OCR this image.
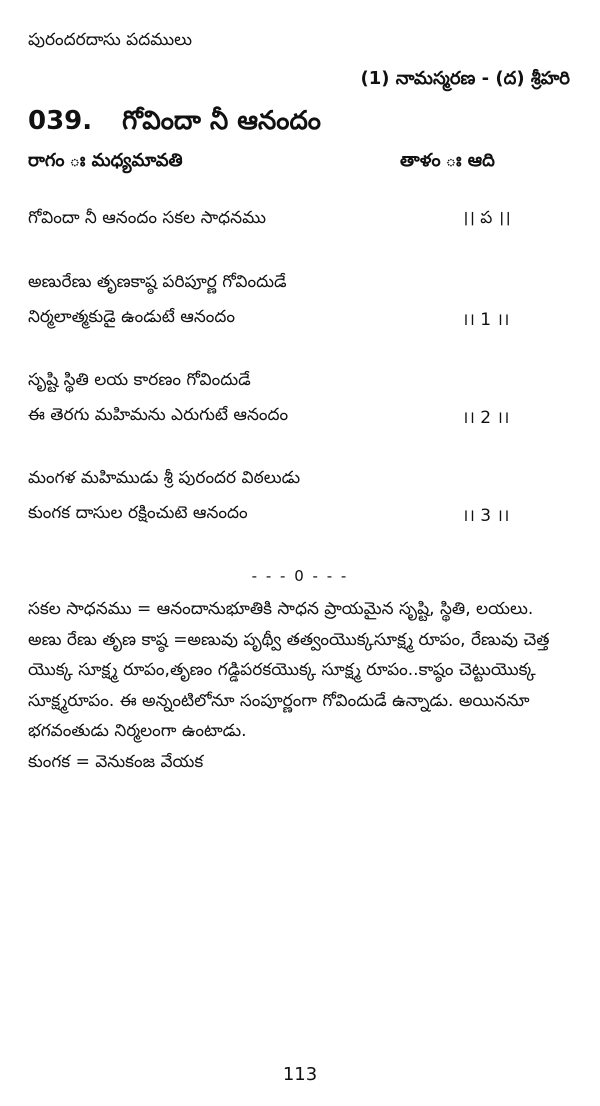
పురందరదాసు పదములు
(1) నామస్మరణ - (ద) శ్రీహరి
039. గోవిందా నీ ఆనందం
రాగం ః మధ్యమావతి	తాళం ః ఆది
గోవిందా నీ ఆనందం సకల సాధనము	।। ప ।।
అణురేణు తృణకాష్ఠ పరిపూర్ణ గోవిందుడే
నిర్మలాత్మకుడై ఉండుటే ఆనందం	।। 1 ।।
సృష్టి స్థితి లయ కారణం గోవిందుడే
ఈ తెరగు మహిమను ఎరుగుటే ఆనందం	।। 2 ।।
మంగళ మహిముడు శ్రీ పురందర విఠలుడు
కుంగక దాసుల రక్షించుటె ఆనందం	।। 3 ।।
- - - 0 - - -

సకల సాధనము = ఆనందానుభూతికి సాధన ప్రాయమైన సృష్టి, స్థితి, లయలు.

అణు రేణు తృణ కాష్ఠ =అణువు పృథ్వీ తత్వంయొక్కసూక్ష్మ రూపం, రేణువు చెత్త యొక్క సూక్ష్మ రూపం,తృణం గడ్డిపరకయొక్క సూక్ష్మ రూపం..కాష్ఠం చెట్టుయొక్క సూక్ష్మరూపం. ఈ అన్నంటిలోనూ సంపూర్ణంగా గోవిందుడే ఉన్నాడు. అయిననూ భగవంతుడు నిర్మలంగా ఉంటాడు.

కుంగక = వెనుకంజ వేయక

113
